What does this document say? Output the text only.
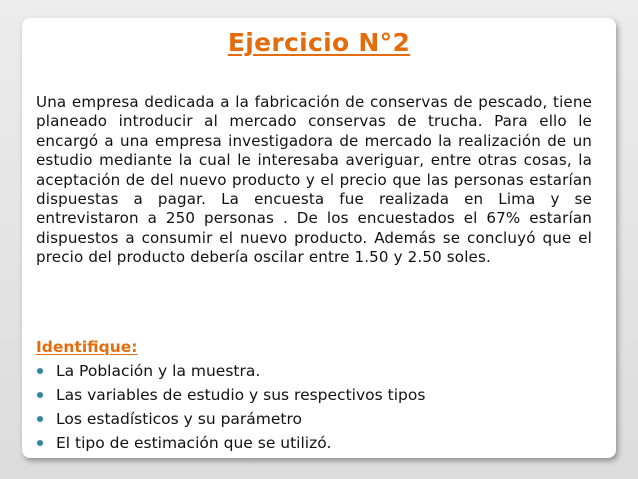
Ejercicio N°2

Una empresa dedicada a la fabricación de conservas de pescado, tiene planeado introducir al mercado conservas de trucha. Para ello le encargó a una empresa investigadora de mercado la realización de un estudio mediante la cual le interesaba averiguar, entre otras cosas, la aceptación de del nuevo producto y el precio que las personas estarían dispuestas a pagar. La encuesta fue realizada en Lima y se entrevistaron a 250 personas . De los encuestados el 67% estarían dispuestos a consumir el nuevo producto. Además se concluyó que el precio del producto debería oscilar entre 1.50 y 2.50 soles.

Identifique:
La Población y la muestra.
Las variables de estudio y sus respectivos tipos
Los estadísticos y su parámetro
El tipo de estimación que se utilizó.
